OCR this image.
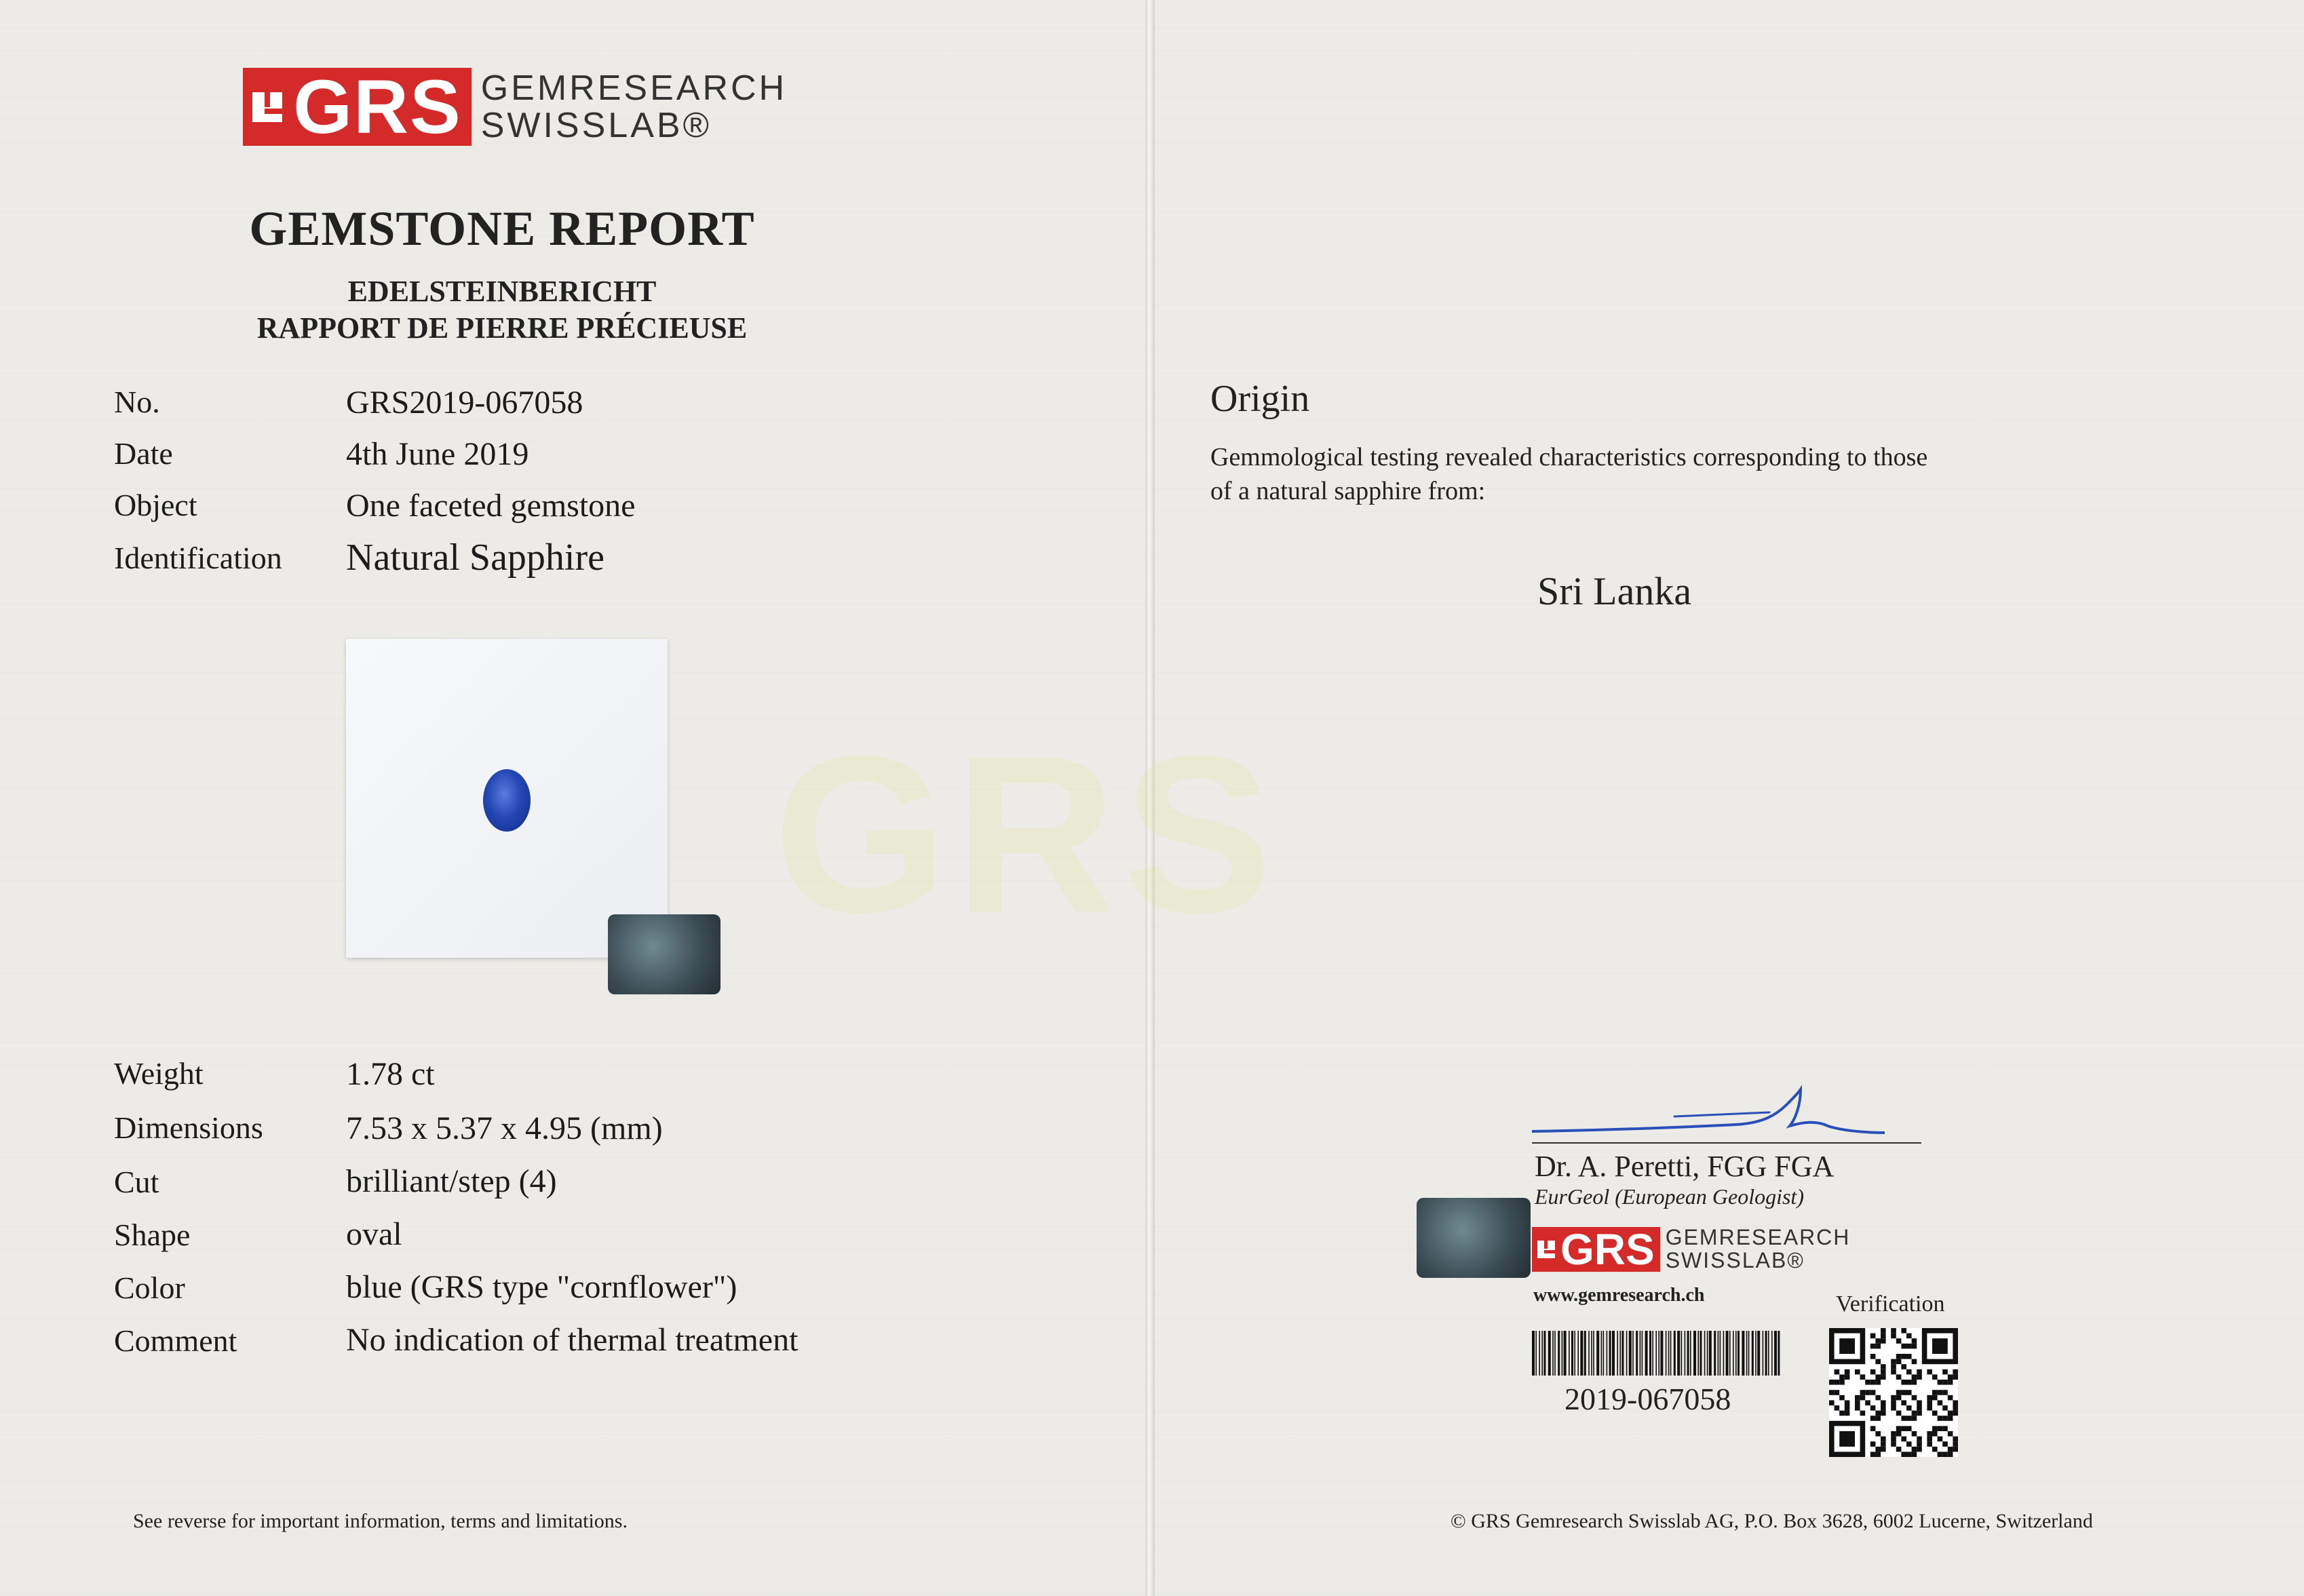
GRS
GRS GEMRESEARCH
SWISSLAB®
GEMSTONE REPORT
EDELSTEINBERICHT
RAPPORT DE PIERRE PRÉCIEUSE
No.	GRS2019-067058
Date	4th June 2019
Object	One faceted gemstone
Identification Natural Sapphire
Weight	1.78 ct
Dimensions	7.53 x 5.37 x 4.95 (mm)
Cut	brilliant/step (4)
Shape	oval
Color	blue (GRS type "cornflower")
Comment	No indication of thermal treatment
See reverse for important information, terms and limitations.
Origin
Gemmological testing revealed characteristics corresponding to those
of a natural sapphire from:
Sri Lanka
Dr. A. Peretti, FGG FGA
EurGeol (European Geologist)
GRS GEMRESEARCH
SWISSLAB®
www.gemresearch.ch	Verification
2019-067058
© GRS Gemresearch Swisslab AG, P.O. Box 3628, 6002 Lucerne, Switzerland
